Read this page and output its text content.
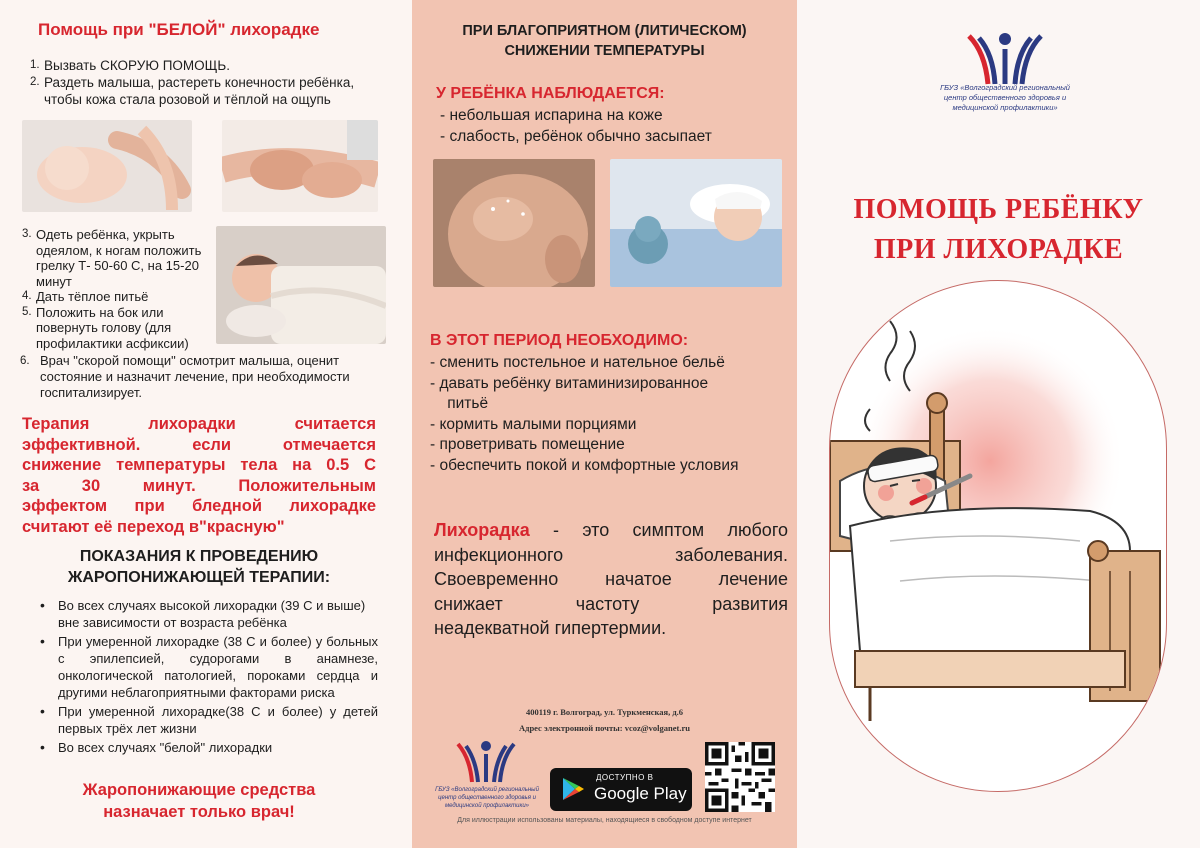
Помощь при "БЕЛОЙ" лихорадке
1. Вызвать СКОРУЮ ПОМОЩЬ.
2. Раздеть малыша, растереть конечности ребёнка,
чтобы кожа стала розовой и тёплой на ощупь
3. Одеть ребёнка, укрыть одеялом, к ногам положить грелку Т- 50-60 С, на 15-20 минут
4. Дать тёплое питьё
5. Положить на бок или повернуть голову (для профилактики асфиксии)
6. Врач "скорой помощи" осмотрит малыша, оценит состояние и назначит лечение, при необходимости госпитализирует.
Терапия лихорадки считается
эффективной. если отмечается
снижение температуры тела на 0.5 С
за 30 минут. Положительным
эффектом при бледной лихорадке
считают её переход в"красную"
ПОКАЗАНИЯ К ПРОВЕДЕНИЮ ЖАРОПОНИЖАЮЩЕЙ ТЕРАПИИ:
• Во всех случаях высокой лихорадки (39 С и выше) вне зависимости от возраста ребёнка
• При умеренной лихорадке (38 С и более) у больных с эпилепсией, судорогами в анамнезе, онкологической патологией, пороками сердца и другими неблагоприятными факторами риска
• При умеренной лихорадке(38 С и более) у детей первых трёх лет жизни
• Во всех случаях "белой" лихорадки
Жаропонижающие средства
назначает только врач!
ПРИ БЛАГОПРИЯТНОМ (ЛИТИЧЕСКОМ)
СНИЖЕНИИ ТЕМПЕРАТУРЫ
У РЕБЁНКА НАБЛЮДАЕТСЯ:
- небольшая испарина на коже
- слабость, ребёнок обычно засыпает
В ЭТОТ ПЕРИОД НЕОБХОДИМО:
- сменить постельное и нательное бельё
- давать ребёнку витаминизированное
питьё
- кормить малыми порциями
- проветривать помещение
- обеспечить покой и комфортные условия
Лихорадка - это симптом любого
инфекционного заболевания.
Своевременно начатое лечение
снижает частоту развития
неадекватной гипертермии.
400119 г. Волгоград, ул. Туркменская, д.6
Адрес электронной почты: vcoz@volganet.ru
ГБУЗ «Волгоградский региональный центр общественного здоровья и медицинской профилактики»
ДОСТУПНО В
Google Play
Для иллюстрации использованы материалы, находящиеся в свободном доступе интернет
ГБУЗ «Волгоградский региональный центр общественного здоровья и медицинской профилактики»
ПОМОЩЬ РЕБЁНКУ
ПРИ ЛИХОРАДКЕ
